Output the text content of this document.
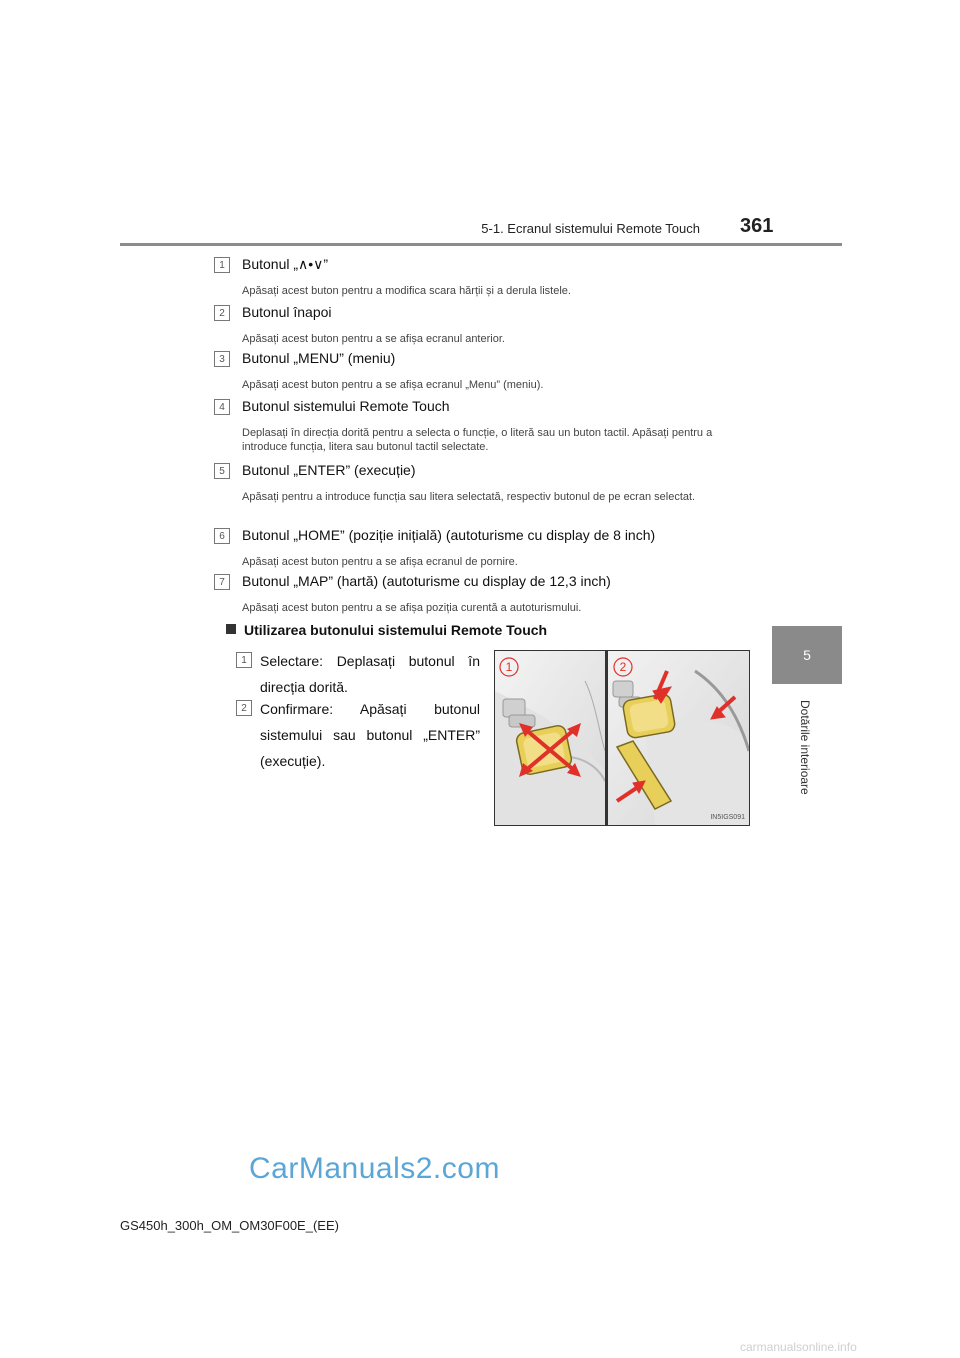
5-1. Ecranul sistemului Remote Touch 361
5
Dotările interioare
1	Butonul „∧•∨”
Apăsați acest buton pentru a modifica scara hărții și a derula listele.
2	Butonul înapoi
Apăsați acest buton pentru a se afișa ecranul anterior.
3	Butonul „MENU” (meniu)
Apăsați acest buton pentru a se afișa ecranul „Menu” (meniu).
4	Butonul sistemului Remote Touch
Deplasați în direcția dorită pentru a selecta o funcție, o literă sau un buton tactil. Apăsați pentru a introduce funcția, litera sau butonul tactil selectate.
5	Butonul „ENTER” (execuție)
Apăsați pentru a introduce funcția sau litera selectată, respectiv butonul de pe ecran selectat.
6	Butonul „HOME” (poziție inițială) (autoturisme cu display de 8 inch)
Apăsați acest buton pentru a se afișa ecranul de pornire.
7	Butonul „MAP” (hartă) (autoturisme cu display de 12,3 inch)
Apăsați acest buton pentru a se afișa poziția curentă a autoturismului.
Utilizarea butonului sistemului Remote Touch
1 Selectare: Deplasați butonul în direcția dorită.
2 Confirmare: Apăsați butonul sistemului sau butonul „ENTER” (execuție).
1	2
IN5IGS091
CarManuals2.com
carmanualsonline.info
GS450h_300h_OM_OM30F00E_(EE)
